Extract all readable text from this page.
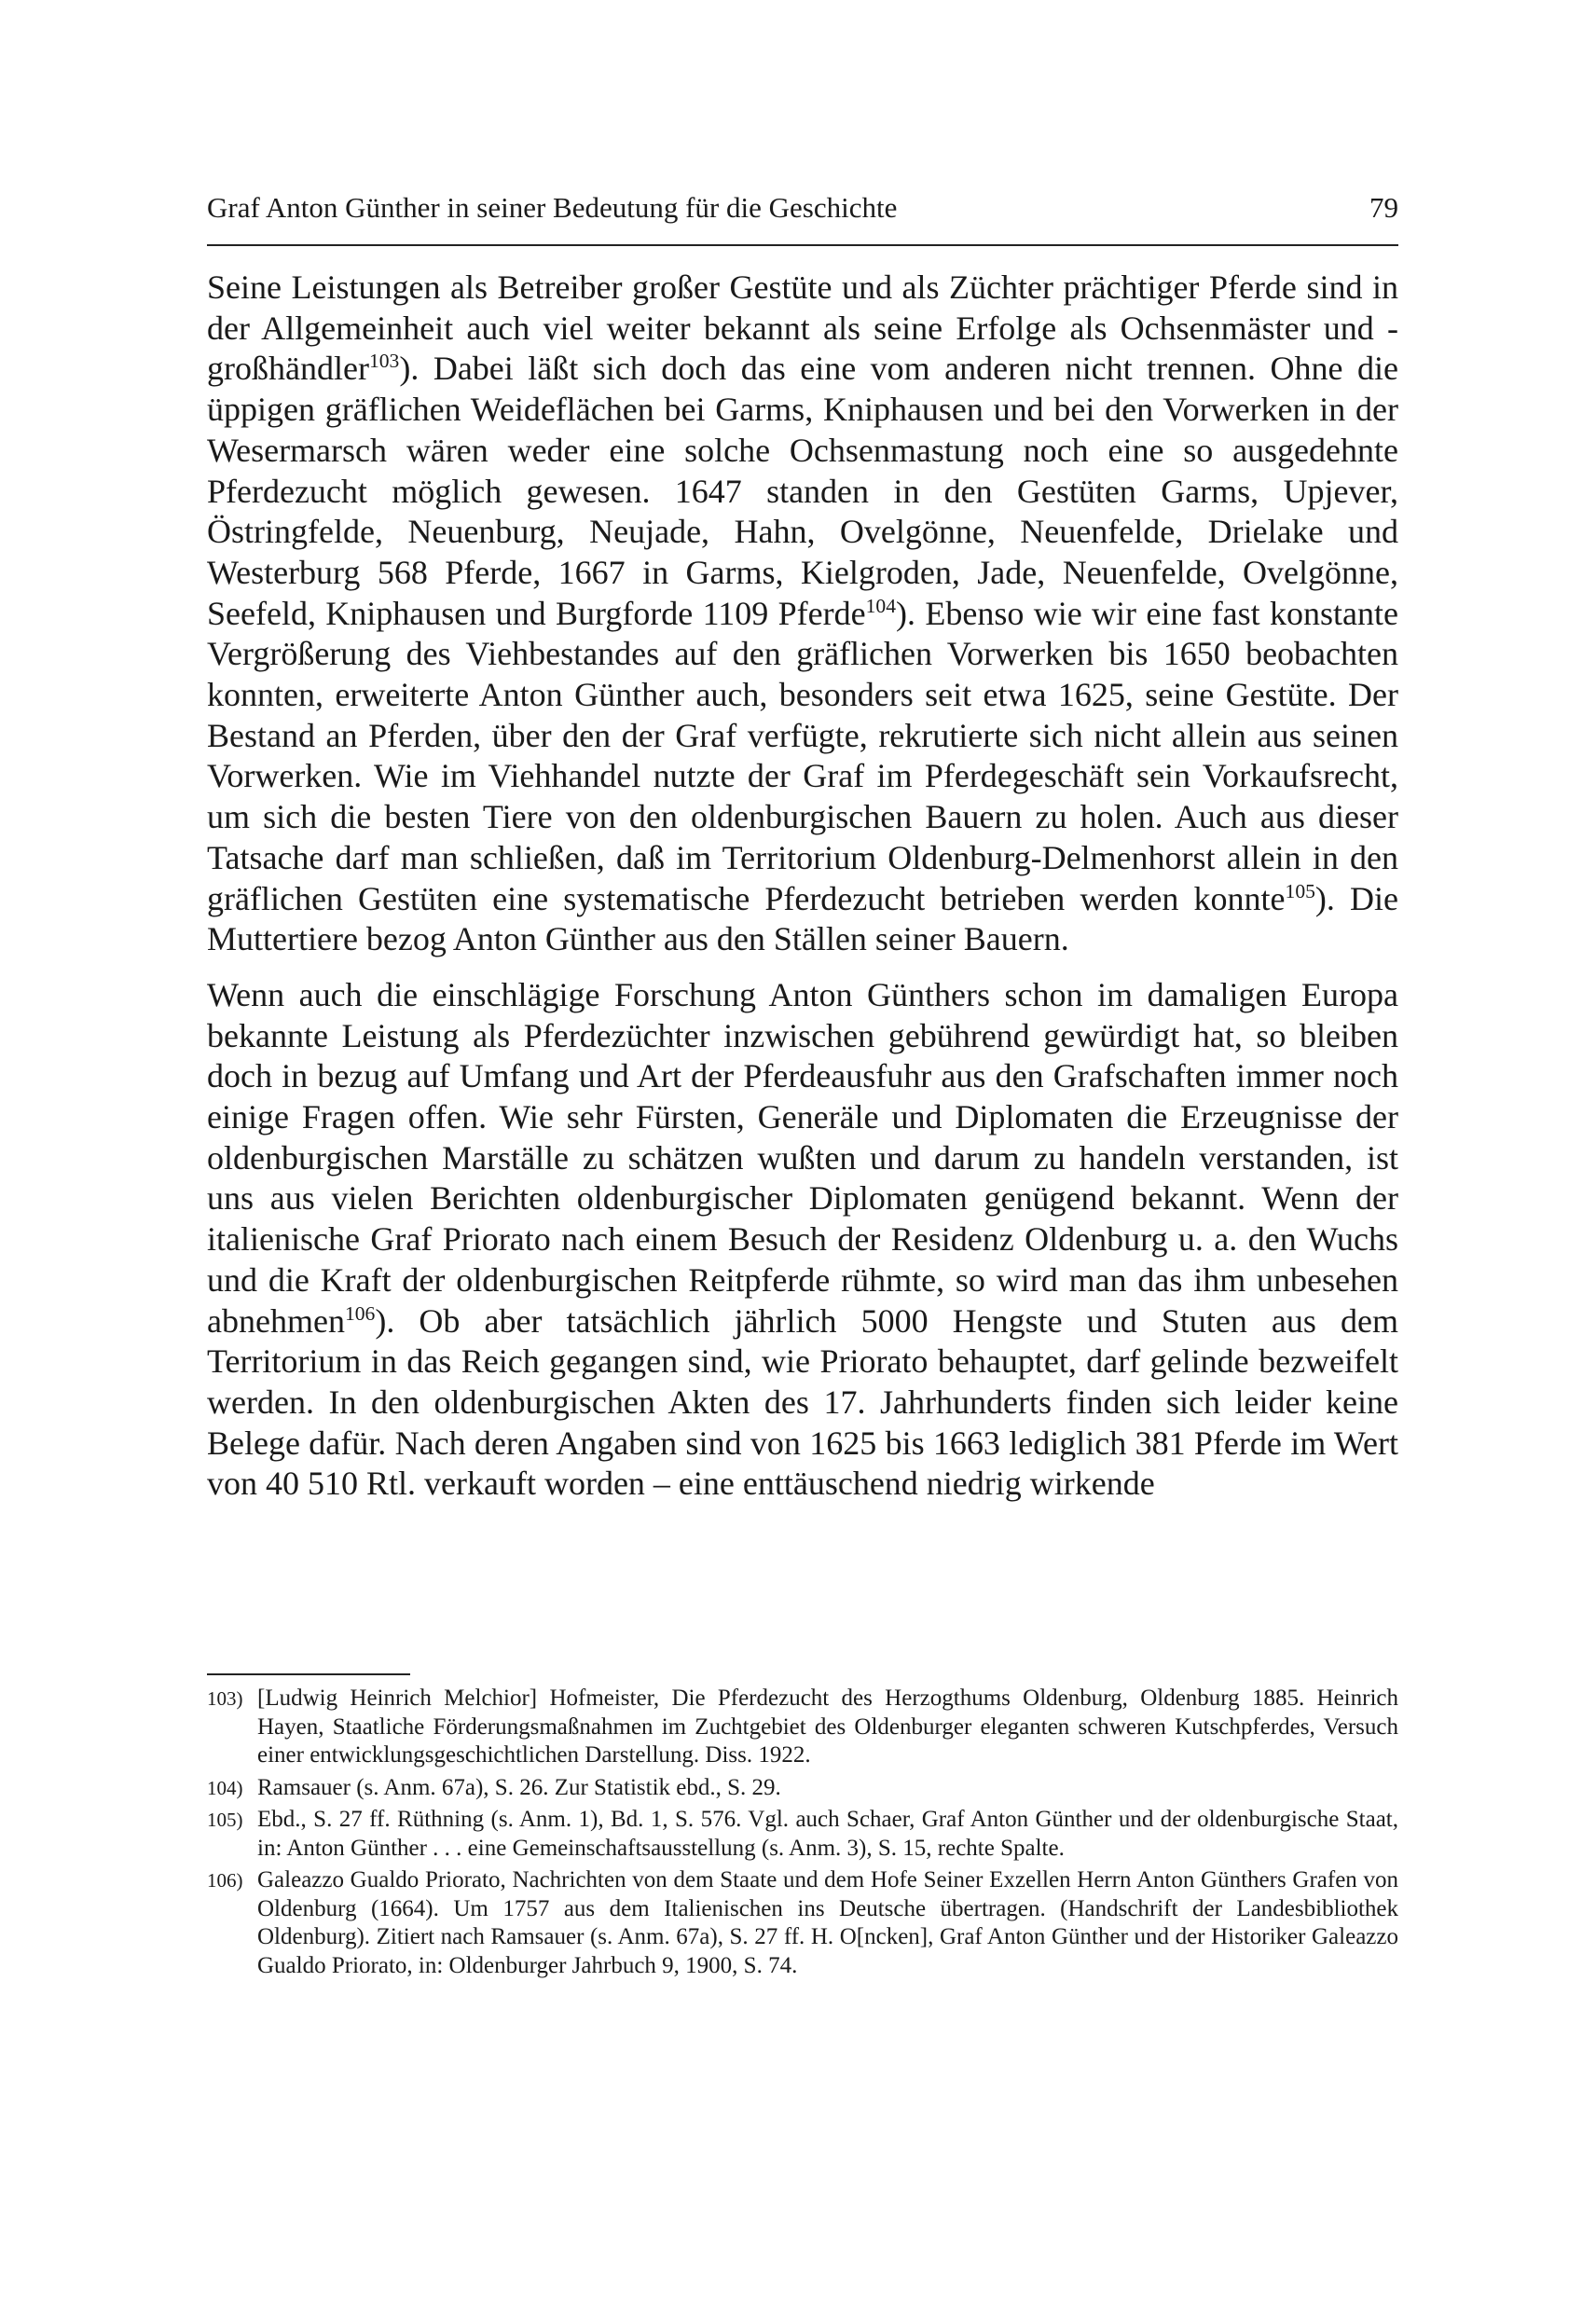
Graf Anton Günther in seiner Bedeutung für die Geschichte	79

Seine Leistungen als Betreiber großer Gestüte und als Züchter prächtiger Pferde sind in der Allgemeinheit auch viel weiter bekannt als seine Erfolge als Ochsenmäster und -großhändler$^{103}$). Dabei läßt sich doch das eine vom anderen nicht trennen. Ohne die üppigen gräflichen Weideflächen bei Garms, Kniphausen und bei den Vorwerken in der Wesermarsch wären weder eine solche Ochsenmastung noch eine so ausgedehnte Pferdezucht möglich gewesen. 1647 standen in den Gestüten Garms, Upjever, Östringfelde, Neuenburg, Neujade, Hahn, Ovelgönne, Neuenfelde, Drielake und Westerburg 568 Pferde, 1667 in Garms, Kielgroden, Jade, Neuenfelde, Ovelgönne, Seefeld, Kniphausen und Burgforde 1109 Pferde$^{104}$). Ebenso wie wir eine fast konstante Vergrößerung des Viehbestandes auf den gräflichen Vorwerken bis 1650 beobachten konnten, erweiterte Anton Günther auch, besonders seit etwa 1625, seine Gestüte. Der Bestand an Pferden, über den der Graf verfügte, rekrutierte sich nicht allein aus seinen Vorwerken. Wie im Viehhandel nutzte der Graf im Pferdegeschäft sein Vorkaufsrecht, um sich die besten Tiere von den oldenburgischen Bauern zu holen. Auch aus dieser Tatsache darf man schließen, daß im Territorium Oldenburg-Delmenhorst allein in den gräflichen Gestüten eine systematische Pferdezucht betrieben werden konnte$^{105}$). Die Muttertiere bezog Anton Günther aus den Ställen seiner Bauern.

Wenn auch die einschlägige Forschung Anton Günthers schon im damaligen Europa bekannte Leistung als Pferdezüchter inzwischen gebührend gewürdigt hat, so bleiben doch in bezug auf Umfang und Art der Pferdeausfuhr aus den Grafschaften immer noch einige Fragen offen. Wie sehr Fürsten, Generäle und Diplomaten die Erzeugnisse der oldenburgischen Marställe zu schätzen wußten und darum zu handeln verstanden, ist uns aus vielen Berichten oldenburgischer Diplomaten genügend bekannt. Wenn der italienische Graf Priorato nach einem Besuch der Residenz Oldenburg u. a. den Wuchs und die Kraft der oldenburgischen Reitpferde rühmte, so wird man das ihm unbesehen abnehmen$^{106}$). Ob aber tatsächlich jährlich 5000 Hengste und Stuten aus dem Territorium in das Reich gegangen sind, wie Priorato behauptet, darf gelinde bezweifelt werden. In den oldenburgischen Akten des 17. Jahrhunderts finden sich leider keine Belege dafür. Nach deren Angaben sind von 1625 bis 1663 lediglich 381 Pferde im Wert von 40 510 Rtl. verkauft worden – eine enttäuschend niedrig wirkende

103) [Ludwig Heinrich Melchior] Hofmeister, Die Pferdezucht des Herzogthums Oldenburg, Oldenburg 1885. Heinrich Hayen, Staatliche Förderungsmaßnahmen im Zuchtgebiet des Oldenburger eleganten schweren Kutschpferdes, Versuch einer entwicklungsgeschichtlichen Darstellung. Diss. 1922.
104) Ramsauer (s. Anm. 67a), S. 26. Zur Statistik ebd., S. 29.
105) Ebd., S. 27 ff. Rüthning (s. Anm. 1), Bd. 1, S. 576. Vgl. auch Schaer, Graf Anton Günther und der oldenburgische Staat, in: Anton Günther . . . eine Gemeinschaftsausstellung (s. Anm. 3), S. 15, rechte Spalte.
106) Galeazzo Gualdo Priorato, Nachrichten von dem Staate und dem Hofe Seiner Exzellen Herrn Anton Günthers Grafen von Oldenburg (1664). Um 1757 aus dem Italienischen ins Deutsche übertragen. (Handschrift der Landesbibliothek Oldenburg). Zitiert nach Ramsauer (s. Anm. 67a), S. 27 ff. H. O[ncken], Graf Anton Günther und der Historiker Galeazzo Gualdo Priorato, in: Oldenburger Jahrbuch 9, 1900, S. 74.
